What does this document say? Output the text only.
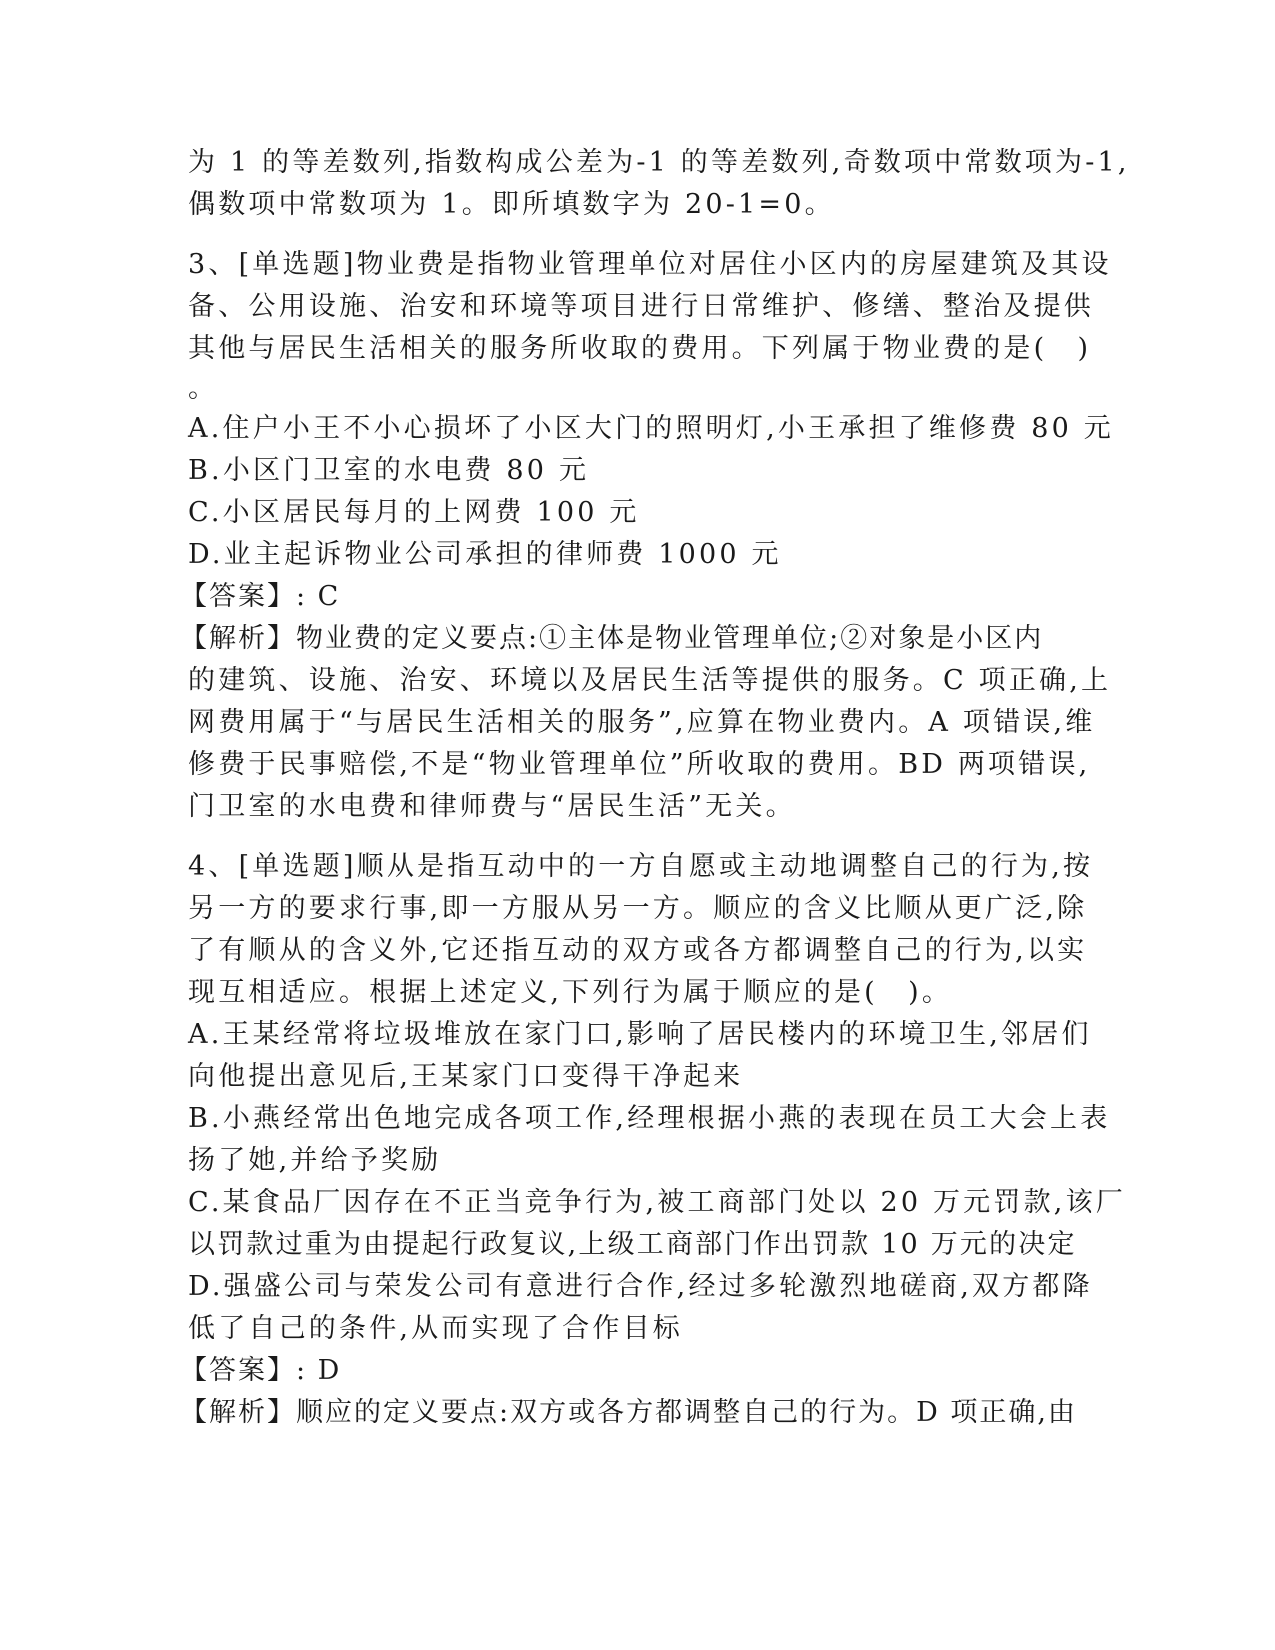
为 1 的等差数列,指数构成公差为-1 的等差数列,奇数项中常数项为-1,
偶数项中常数项为 1。即所填数字为 20-1=0。
3、[单选题]物业费是指物业管理单位对居住小区内的房屋建筑及其设
备、公用设施、治安和环境等项目进行日常维护、修缮、整治及提供
其他与居民生活相关的服务所收取的费用。下列属于物业费的是(　)
。
A.住户小王不小心损坏了小区大门的照明灯,小王承担了维修费 80 元
B.小区门卫室的水电费 80 元
C.小区居民每月的上网费 100 元
D.业主起诉物业公司承担的律师费 1000 元
【答案】: C
【解析】物业费的定义要点:①主体是物业管理单位;②对象是小区内
的建筑、设施、治安、环境以及居民生活等提供的服务。C 项正确,上
网费用属于“与居民生活相关的服务”,应算在物业费内。A 项错误,维
修费于民事赔偿,不是“物业管理单位”所收取的费用。BD 两项错误,
门卫室的水电费和律师费与“居民生活”无关。
4、[单选题]顺从是指互动中的一方自愿或主动地调整自己的行为,按
另一方的要求行事,即一方服从另一方。顺应的含义比顺从更广泛,除
了有顺从的含义外,它还指互动的双方或各方都调整自己的行为,以实
现互相适应。根据上述定义,下列行为属于顺应的是(　)。
A.王某经常将垃圾堆放在家门口,影响了居民楼内的环境卫生,邻居们
向他提出意见后,王某家门口变得干净起来
B.小燕经常出色地完成各项工作,经理根据小燕的表现在员工大会上表
扬了她,并给予奖励
C.某食品厂因存在不正当竞争行为,被工商部门处以 20 万元罚款,该厂
以罚款过重为由提起行政复议,上级工商部门作出罚款 10 万元的决定
D.强盛公司与荣发公司有意进行合作,经过多轮激烈地磋商,双方都降
低了自己的条件,从而实现了合作目标
【答案】: D
【解析】顺应的定义要点:双方或各方都调整自己的行为。D 项正确,由
